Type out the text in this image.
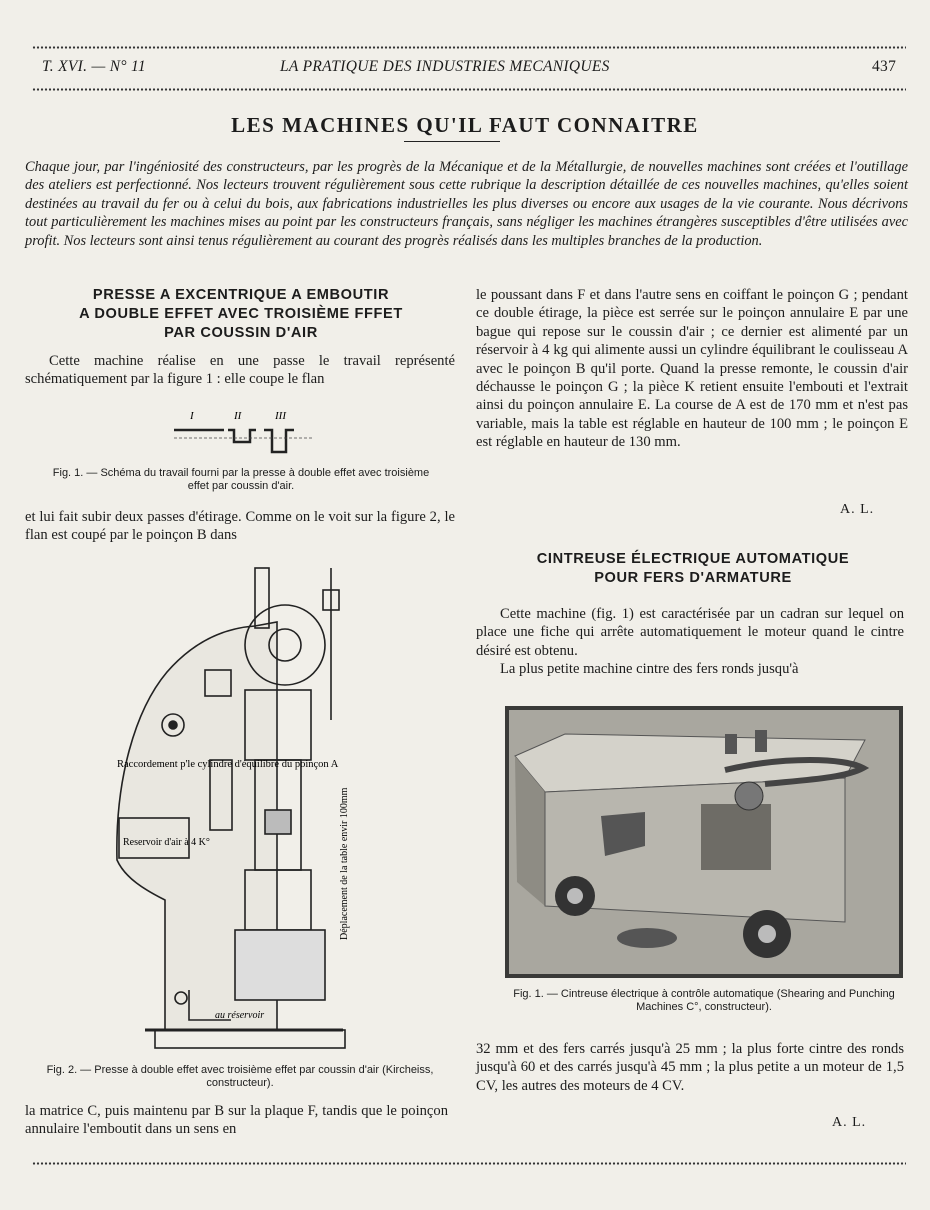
T. XVI. — N° 11	LA PRATIQUE DES INDUSTRIES MECANIQUES	437
LES MACHINES QU'IL FAUT CONNAITRE
Chaque jour, par l'ingéniosité des constructeurs, par les progrès de la Mécanique et de la Métallurgie, de nouvelles machines sont créées et l'outillage des ateliers est perfectionné. Nos lecteurs trouvent régulièrement sous cette rubrique la description détaillée de ces nouvelles machines, qu'elles soient destinées au travail du fer ou à celui du bois, aux fabrications industrielles les plus diverses ou encore aux usages de la vie courante. Nous décrivons tout particulièrement les machines mises au point par les constructeurs français, sans négliger les machines étrangères susceptibles d'être utilisées avec profit. Nos lecteurs sont ainsi tenus régulièrement au courant des progrès réalisés dans les multiples branches de la production.
PRESSE A EXCENTRIQUE A EMBOUTIR
A DOUBLE EFFET AVEC TROISIÈME FFFET
PAR COUSSIN D'AIR

Cette machine réalise en une passe le travail représenté schématiquement par la figure 1 : elle coupe le flan

I	II	III
Fig. 1. — Schéma du travail fourni par la presse à double effet avec troisième effet par coussin d'air.

et lui fait subir deux passes d'étirage. Comme on le voit sur la figure 2, le flan est coupé par le poinçon B dans

Raccordement p'le cylindre d'équilibre du poinçon A
Reservoir d'air à 4 K°
au réservoir
Déplacement de la table envir 100mm
Fig. 2. — Presse à double effet avec troisième effet par coussin d'air (Kircheiss, constructeur).

la matrice C, puis maintenu par B sur la plaque F, tandis que le poinçon annulaire l'emboutit dans un sens en

le poussant dans F et dans l'autre sens en coiffant le poinçon G ; pendant ce double étirage, la pièce est serrée sur le poinçon annulaire E par une bague qui repose sur le coussin d'air ; ce dernier est alimenté par un réservoir à 4 kg qui alimente aussi un cylindre équilibrant le coulisseau A avec le poinçon B qu'il porte. Quand la presse remonte, le coussin d'air déchausse le poinçon G ; la pièce K retient ensuite l'embouti et l'extrait ainsi du poinçon annulaire E. La course de A est de 170 mm et n'est pas variable, mais la table est réglable en hauteur de 100 mm ; le poinçon E est réglable en hauteur de 130 mm.

A. L.
CINTREUSE ÉLECTRIQUE AUTOMATIQUE
POUR FERS D'ARMATURE

Cette machine (fig. 1) est caractérisée par un cadran sur lequel on place une fiche qui arrête automatiquement le moteur quand le cintre désiré est obtenu.

La plus petite machine cintre des fers ronds jusqu'à

Fig. 1. — Cintreuse électrique à contrôle automatique (Shearing and Punching Machines C°, constructeur).

32 mm et des fers carrés jusqu'à 25 mm ; la plus forte cintre des ronds jusqu'à 60 et des carrés jusqu'à 45 mm ; la plus petite a un moteur de 1,5 CV, les autres des moteurs de 4 CV.

A. L.
